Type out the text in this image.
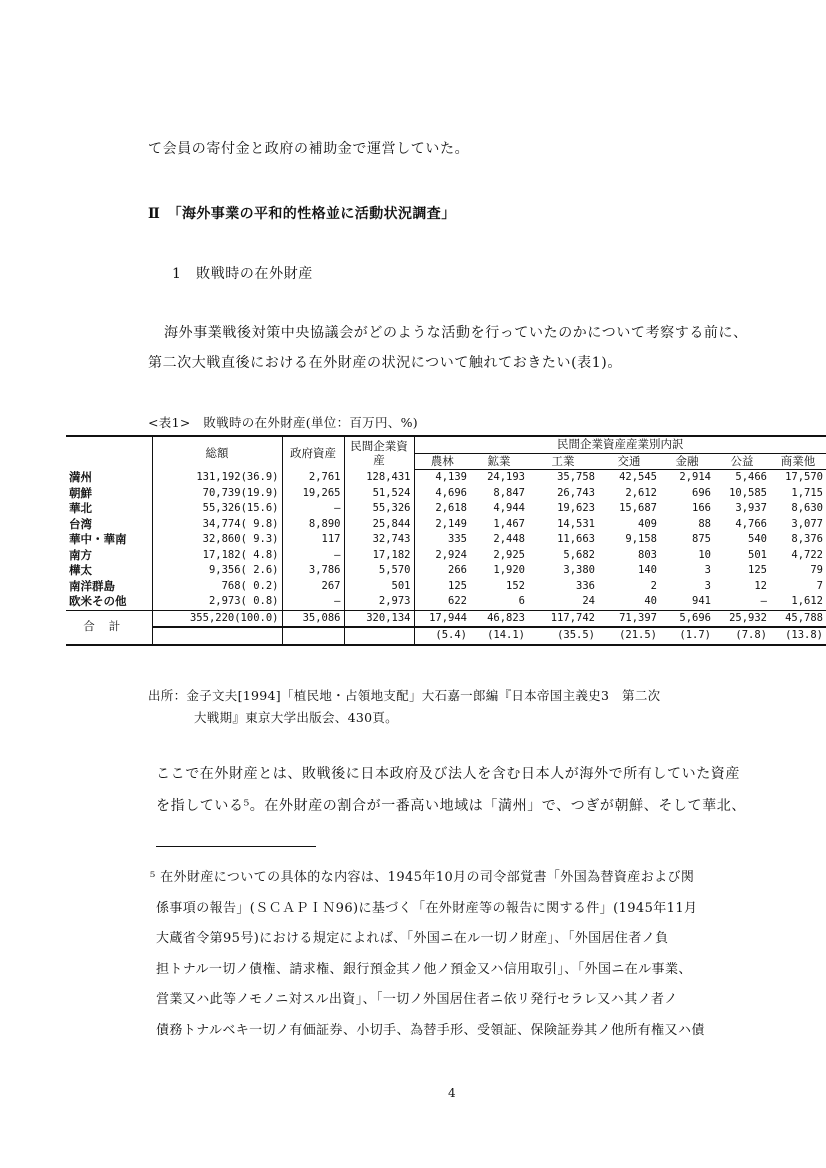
て会員の寄付金と政府の補助金で運営していた。
Ⅱ　「海外事業の平和的性格並に活動状況調査」
1　敗戦時の在外財産
海外事業戦後対策中央協議会がどのような活動を行っていたのかについて考察する前に、
第二次大戦直後における在外財産の状況について触れておきたい(表1)。
<表1>　敗戦時の在外財産(単位：百万円、%)
	総額	政府資産	民間企業資産	民間企業資産産業別内訳						
				農林	鉱業	工業	交通	金融	公益	商業他
満州	131,192(36.9)	2,761	128,431	4,139	24,193	35,758	42,545	2,914	5,466	17,570
朝鮮	70,739(19.9)	19,265	51,524	4,696	8,847	26,743	2,612	696	10,585	1,715
華北	55,326(15.6)	—	55,326	2,618	4,944	19,623	15,687	166	3,937	8,630
台湾	34,774( 9.8)	8,890	25,844	2,149	1,467	14,531	409	88	4,766	3,077
華中・華南	32,860( 9.3)	117	32,743	335	2,448	11,663	9,158	875	540	8,376
南方	17,182( 4.8)	—	17,182	2,924	2,925	5,682	803	10	501	4,722
樺太	9,356( 2.6)	3,786	5,570	266	1,920	3,380	140	3	125	79
南洋群島	768( 0.2)	267	501	125	152	336	2	3	12	7
欧米その他	2,973( 0.8)	—	2,973	622	6	24	40	941	—	1,612
合計	355,220(100.0)	35,086	320,134	17,944	46,823	117,742	71,397	5,696	25,932	45,788
				(5.4)	(14.1)	(35.5)	(21.5)	(1.7)	(7.8)	(13.8)
出所：金子文夫[1994]「植民地・占領地支配」大石嘉一郎編『日本帝国主義史3　第二次
大戦期』東京大学出版会、430頁。
ここで在外財産とは、敗戦後に日本政府及び法人を含む日本人が海外で所有していた資産
を指している⁵。在外財産の割合が一番高い地域は「満州」で、つぎが朝鮮、そして華北、
⁵ 在外財産についての具体的な内容は、1945年10月の司令部覚書「外国為替資産および関
係事項の報告」(ＳＣＡＰＩＮ96)に基づく「在外財産等の報告に関する件」(1945年11月
大蔵省令第95号)における規定によれば、「外国ニ在ル一切ノ財産」、「外国居住者ノ負
担トナル一切ノ債権、請求権、銀行預金其ノ他ノ預金又ハ信用取引」、「外国ニ在ル事業、
営業又ハ此等ノモノニ対スル出資」、「一切ノ外国居住者ニ依リ発行セラレ又ハ其ノ者ノ
債務トナルベキ一切ノ有価証券、小切手、為替手形、受領証、保険証券其ノ他所有権又ハ債
4
